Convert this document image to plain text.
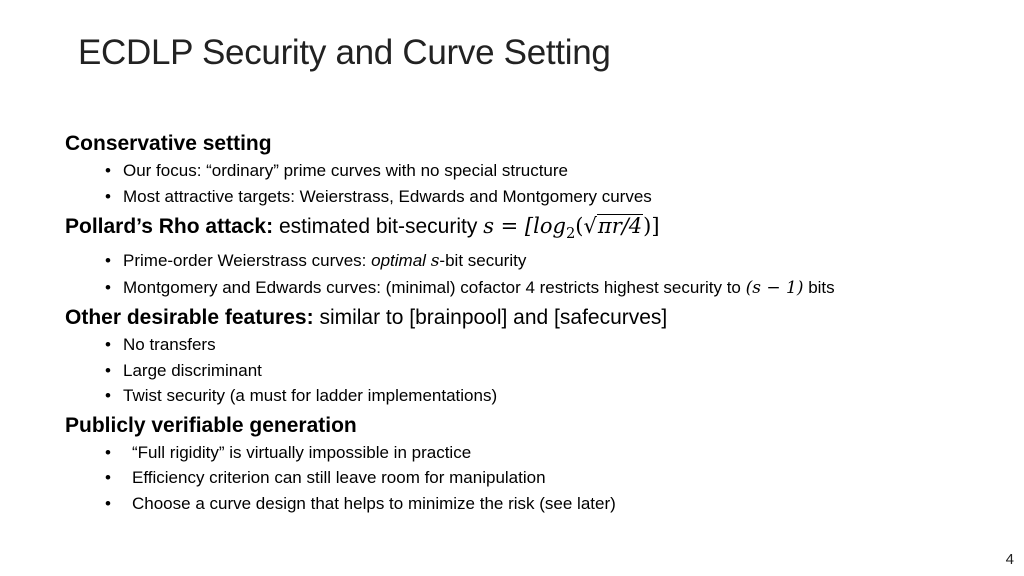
ECDLP Security and Curve Setting

Conservative setting

• Our focus: “ordinary” prime curves with no special structure
• Most attractive targets: Weierstrass, Edwards and Montgomery curves

Pollard’s Rho attack: estimated bit-security $s = [\log_2(√\pi r/4)]$

• Prime-order Weierstrass curves: optimal s-bit security
• Montgomery and Edwards curves: (minimal) cofactor 4 restricts highest security to (s − 1) bits

Other desirable features: similar to [brainpool] and [safecurves]

• No transfers
• Large discriminant
• Twist security (a must for ladder implementations)

Publicly verifiable generation

• “Full rigidity” is virtually impossible in practice
• Efficiency criterion can still leave room for manipulation
• Choose a curve design that helps to minimize the risk (see later)
4
